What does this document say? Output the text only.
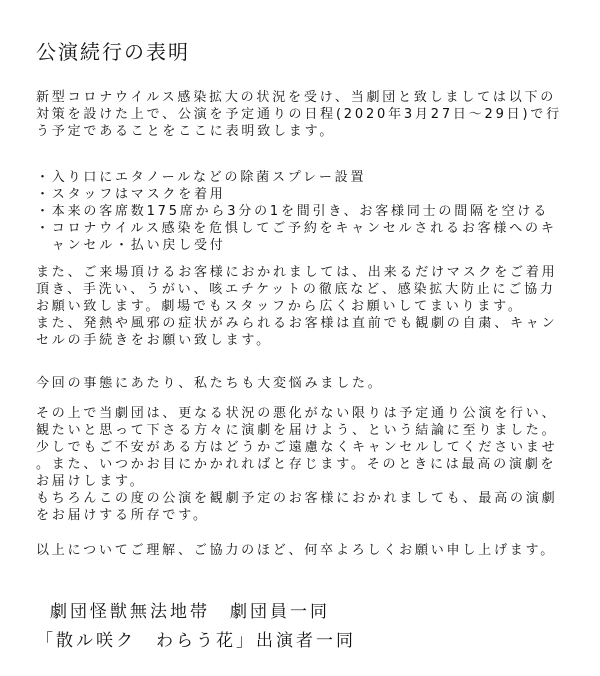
公演続行の表明
新型コロナウイルス感染拡大の状況を受け、当劇団と致しましては以下の
対策を設けた上で、公演を予定通りの日程(2020年3月27日～29日)で行
う予定であることをここに表明致します。
・入り口にエタノールなどの除菌スプレー設置
・スタッフはマスクを着用
・本来の客席数175席から3分の1を間引き、お客様同士の間隔を空ける
・コロナウイルス感染を危惧してご予約をキャンセルされるお客様へのキ
　ャンセル・払い戻し受付
また、ご来場頂けるお客様におかれましては、出来るだけマスクをご着用
頂き、手洗い、うがい、咳エチケットの徹底など、感染拡大防止にご協力
お願い致します。劇場でもスタッフから広くお願いしてまいります。
また、発熱や風邪の症状がみられるお客様は直前でも観劇の自粛、キャン
セルの手続きをお願い致します。
今回の事態にあたり、私たちも大変悩みました。
その上で当劇団は、更なる状況の悪化がない限りは予定通り公演を行い、
観たいと思って下さる方々に演劇を届けよう、という結論に至りました。
少しでもご不安がある方はどうかご遠慮なくキャンセルしてくださいませ
。また、いつかお目にかかれればと存じます。そのときには最高の演劇を
お届けします。
もちろんこの度の公演を観劇予定のお客様におかれましても、最高の演劇
をお届けする所存です。
以上についてご理解、ご協力のほど、何卒よろしくお願い申し上げます。
劇団怪獣無法地帯　劇団員一同
「散ル咲ク　わらう花」出演者一同
